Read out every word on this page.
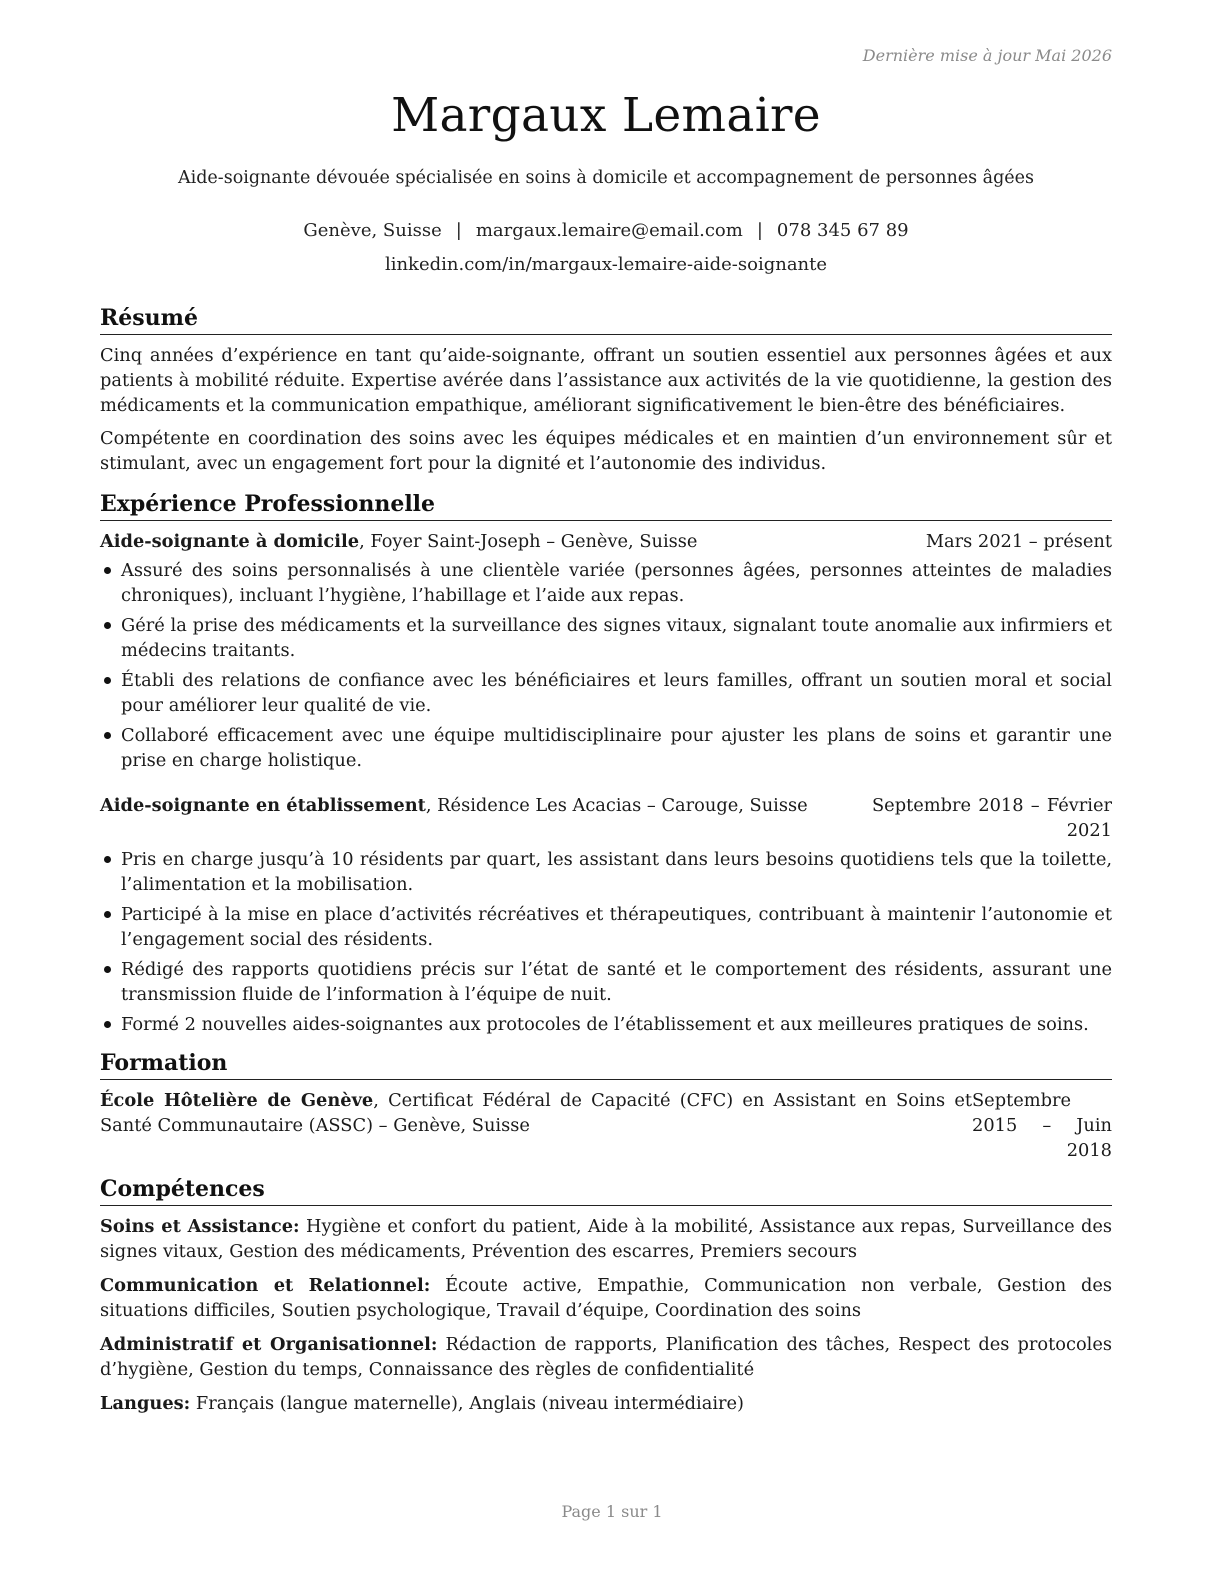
Dernière mise à jour Mai 2026
Margaux Lemaire
Aide-soignante dévouée spécialisée en soins à domicile et accompagnement de personnes âgées
Genève, Suisse | margaux.lemaire@email.com | 078 345 67 89
linkedin.com/in/margaux-lemaire-aide-soignante
Résumé

Cinq années d’expérience en tant qu’aide-soignante, offrant un soutien essentiel aux personnes âgées et aux patients à mobilité réduite. Expertise avérée dans l’assistance aux activités de la vie quotidienne, la gestion des médicaments et la communication empathique, améliorant significativement le bien-être des bénéficiaires.

Compétente en coordination des soins avec les équipes médicales et en maintien d’un environnement sûr et stimulant, avec un engagement fort pour la dignité et l’autonomie des individus.

Expérience Professionnelle
Aide-soignante à domicile, Foyer Saint-Joseph – Genève, Suisse	Mars 2021 – présent
Assuré des soins personnalisés à une clientèle variée (personnes âgées, personnes atteintes de maladies chroniques), incluant l’hygiène, l’habillage et l’aide aux repas.
Géré la prise des médicaments et la surveillance des signes vitaux, signalant toute anomalie aux infirmiers et médecins traitants.
Établi des relations de confiance avec les bénéficiaires et leurs familles, offrant un soutien moral et social pour améliorer leur qualité de vie.
Collaboré efficacement avec une équipe multidisciplinaire pour ajuster les plans de soins et garantir une prise en charge holistique.
Aide-soignante en établissement, Résidence Les Acacias – Carouge, Suisse	Septembre 2018 – Février 2021
Pris en charge jusqu’à 10 résidents par quart, les assistant dans leurs besoins quotidiens tels que la toilette, l’alimentation et la mobilisation.
Participé à la mise en place d’activités récréatives et thérapeutiques, contribuant à maintenir l’autonomie et l’engagement social des résidents.
Rédigé des rapports quotidiens précis sur l’état de santé et le comportement des résidents, assurant une transmission fluide de l’information à l’équipe de nuit.
Formé 2 nouvelles aides-soignantes aux protocoles de l’établissement et aux meilleures pratiques de soins.
Formation
École Hôtelière de Genève, Certificat Fédéral de Capacité (CFC) en Assistant en Soins et Santé Communautaire (ASSC) – Genève, Suisse
Septembre 2015 – Juin 2018
Compétences

Soins et Assistance: Hygiène et confort du patient, Aide à la mobilité, Assistance aux repas, Surveillance des signes vitaux, Gestion des médicaments, Prévention des escarres, Premiers secours

Communication et Relationnel: Écoute active, Empathie, Communication non verbale, Gestion des situations difficiles, Soutien psychologique, Travail d’équipe, Coordination des soins

Administratif et Organisationnel: Rédaction de rapports, Planification des tâches, Respect des protocoles d’hygiène, Gestion du temps, Connaissance des règles de confidentialité

Langues: Français (langue maternelle), Anglais (niveau intermédiaire)

Page 1 sur 1
